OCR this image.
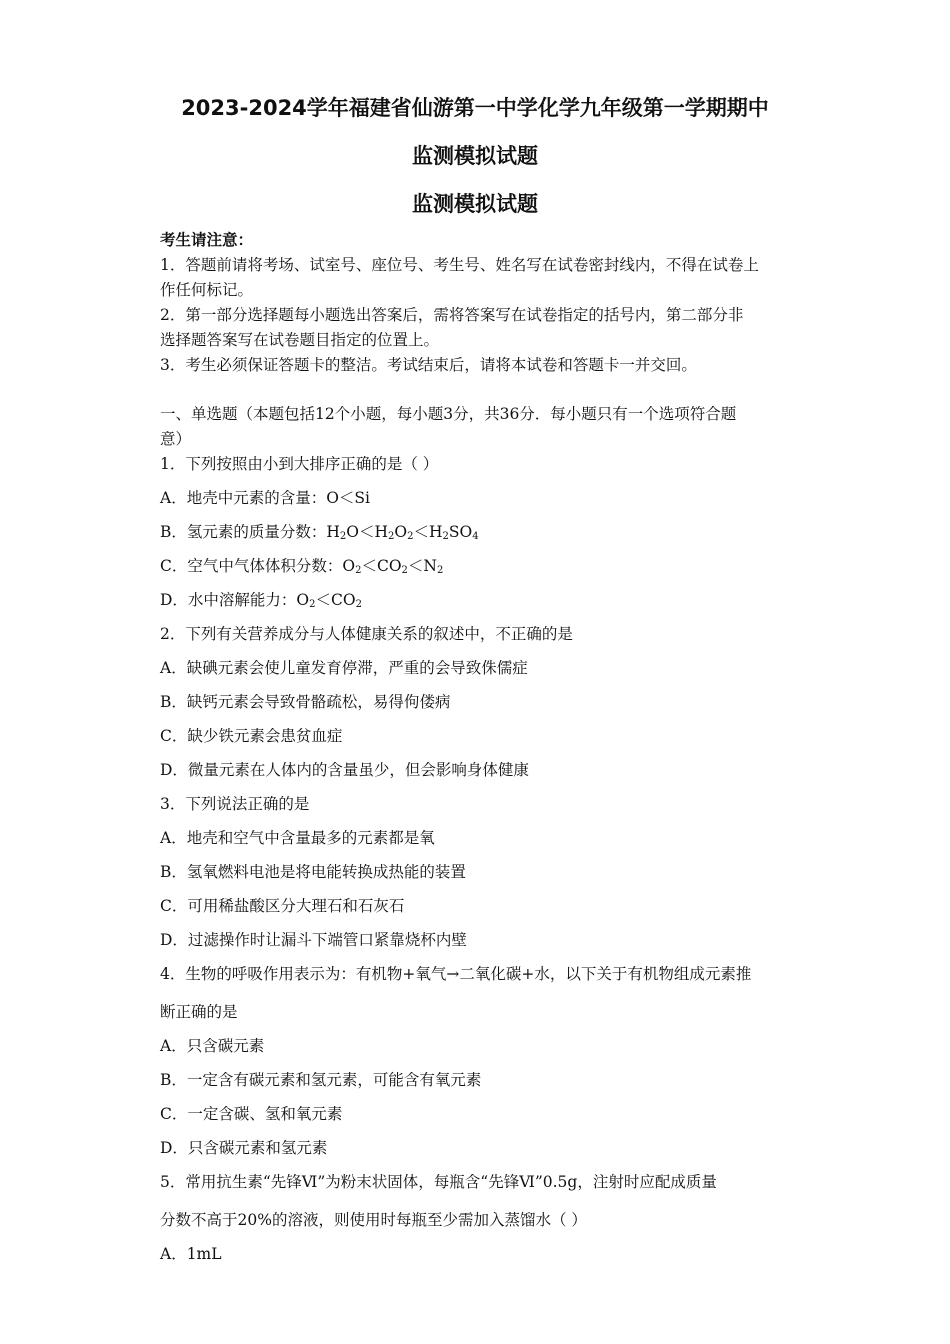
2023-2024学年福建省仙游第一中学化学九年级第一学期期中
监测模拟试题
监测模拟试题
考生请注意：
1．答题前请将考场、试室号、座位号、考生号、姓名写在试卷密封线内，不得在试卷上
作任何标记。
2．第一部分选择题每小题选出答案后，需将答案写在试卷指定的括号内，第二部分非
选择题答案写在试卷题目指定的位置上。
3．考生必须保证答题卡的整洁。考试结束后，请将本试卷和答题卡一并交回。
一、单选题（本题包括12个小题，每小题3分，共36分．每小题只有一个选项符合题
意）
1．下列按照由小到大排序正确的是（ ）
A．地壳中元素的含量：O＜Si
B．氢元素的质量分数：$H_2O<H_2O_2<H_2SO_4$
C．空气中气体体积分数：$O_2<CO_2<N_2$
D．水中溶解能力：$O_2<CO_2$
2．下列有关营养成分与人体健康关系的叙述中，不正确的是
A．缺碘元素会使儿童发育停滞，严重的会导致侏儒症
B．缺钙元素会导致骨骼疏松，易得佝偻病
C．缺少铁元素会患贫血症
D．微量元素在人体内的含量虽少，但会影响身体健康
3．下列说法正确的是
A．地壳和空气中含量最多的元素都是氧
B．氢氧燃料电池是将电能转换成热能的装置
C．可用稀盐酸区分大理石和石灰石
D．过滤操作时让漏斗下端管口紧靠烧杯内壁
4．生物的呼吸作用表示为：有机物+氧气→二氧化碳+水，以下关于有机物组成元素推
断正确的是
A．只含碳元素
B．一定含有碳元素和氢元素，可能含有氧元素
C．一定含碳、氢和氧元素
D．只含碳元素和氢元素
5．常用抗生素“先锋Ⅵ”为粉末状固体，每瓶含“先锋Ⅵ”0.5g，注射时应配成质量
分数不高于20%的溶液，则使用时每瓶至少需加入蒸馏水（ ）
A．1mL
